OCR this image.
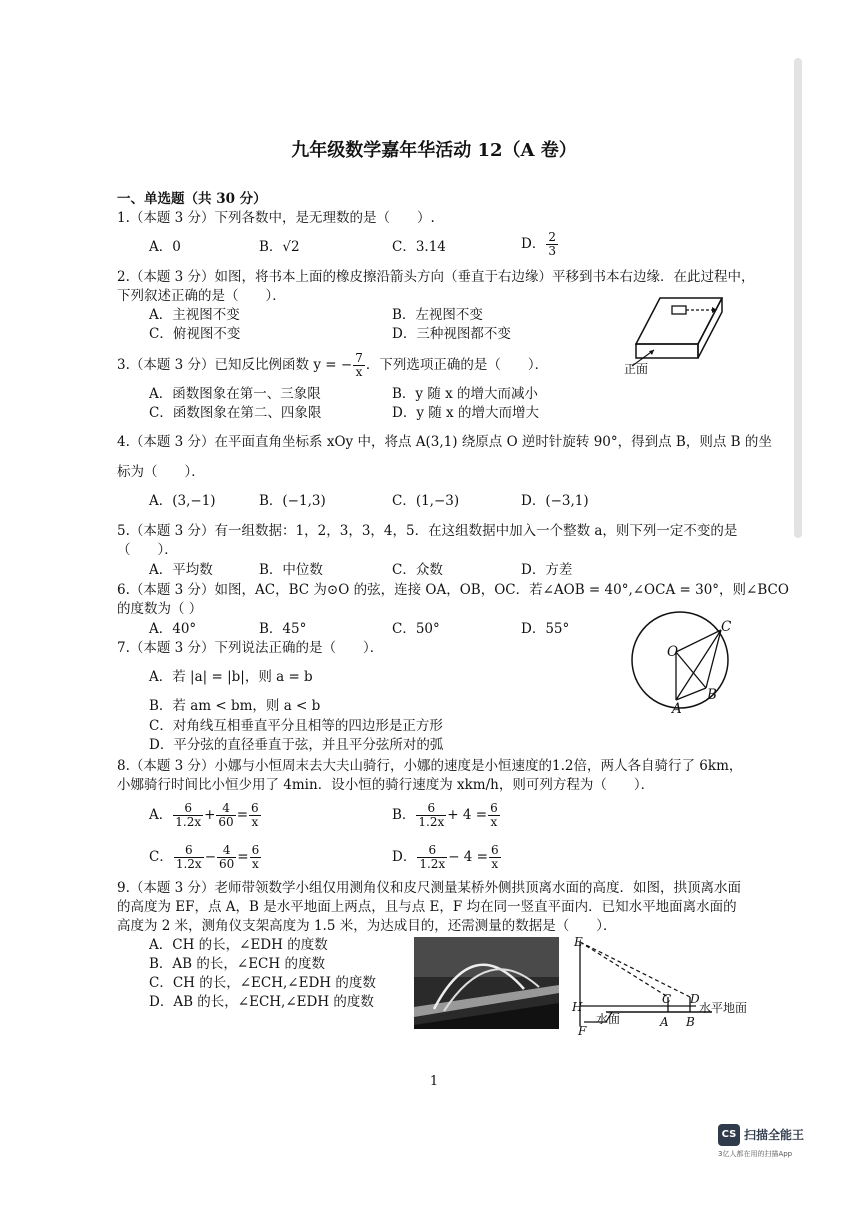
九年级数学嘉年华活动 12（A 卷）
一、单选题（共 30 分）
1.（本题 3 分）下列各数中，是无理数的是（　　）.
A．0	B．√2	C．3.14	D． $\frac{2}{3}$
2.（本题 3 分）如图，将书本上面的橡皮擦沿箭头方向（垂直于右边缘）平移到书本右边缘．在此过程中，
下列叙述正确的是（　　）．
A．主视图不变	B．左视图不变
C．俯视图不变	D．三种视图都不变
正面
3.（本题 3 分）已知反比例函数 y = − $\frac{7}{x}$ ．下列选项正确的是（　　）．
A．函数图象在第一、三象限	B．y 随 x 的增大而减小
C．函数图象在第二、四象限	D．y 随 x 的增大而增大
4.（本题 3 分）在平面直角坐标系 xOy 中，将点 A(3,1) 绕原点 O 逆时针旋转 90°，得到点 B，则点 B 的坐
标为（　　）．
A．(3,−1)	B．(−1,3)	C．(1,−3)	D．(−3,1)
5.（本题 3 分）有一组数据：1，2，3，3，4，5．在这组数据中加入一个整数 a，则下列一定不变的是
（　　）．
A．平均数	B．中位数	C．众数	D．方差
6.（本题 3 分）如图，AC，BC 为⊙O 的弦，连接 OA，OB，OC．若∠AOB = 40°,∠OCA = 30°，则∠BCO
的度数为（ ）
A．40°	B．45°	C．50°	D．55°
O
C
B
A
7.（本题 3 分）下列说法正确的是（　　）．
A．若 |a| = |b|，则 a = b
B．若 am < bm，则 a < b
C．对角线互相垂直平分且相等的四边形是正方形
D．平分弦的直径垂直于弦，并且平分弦所对的弧
8.（本题 3 分）小娜与小恒周末去大夫山骑行，小娜的速度是小恒速度的1.2倍，两人各自骑行了 6km，
小娜骑行时间比小恒少用了 4min．设小恒的骑行速度为 xkm/h，则可列方程为（　　）．
A． $\frac{6}{1.2x} + \frac{4}{60} = \frac{6}{x}$	B． $\frac{6}{1.2x} + 4 = \frac{6}{x}$
C． $\frac{6}{1.2x} - \frac{4}{60} = \frac{6}{x}$	D． $\frac{6}{1.2x} - 4 = \frac{6}{x}$
9.（本题 3 分）老师带领数学小组仅用测角仪和皮尺测量某桥外侧拱顶离水面的高度．如图，拱顶离水面
的高度为 EF，点 A，B 是水平地面上两点，且与点 E，F 均在同一竖直平面内．已知水平地面离水面的
高度为 2 米，测角仪支架高度为 1.5 米，为达成目的，还需测量的数据是（　　）．
A．CH 的长，∠EDH 的度数
B．AB 的长，∠ECH 的度数
C．CH 的长，∠ECH,∠EDH 的度数
D．AB 的长，∠ECH,∠EDH 的度数
E
H
C D
A B
F
水面
水平地面
1
CS 扫描全能王
3亿人都在用的扫描App
